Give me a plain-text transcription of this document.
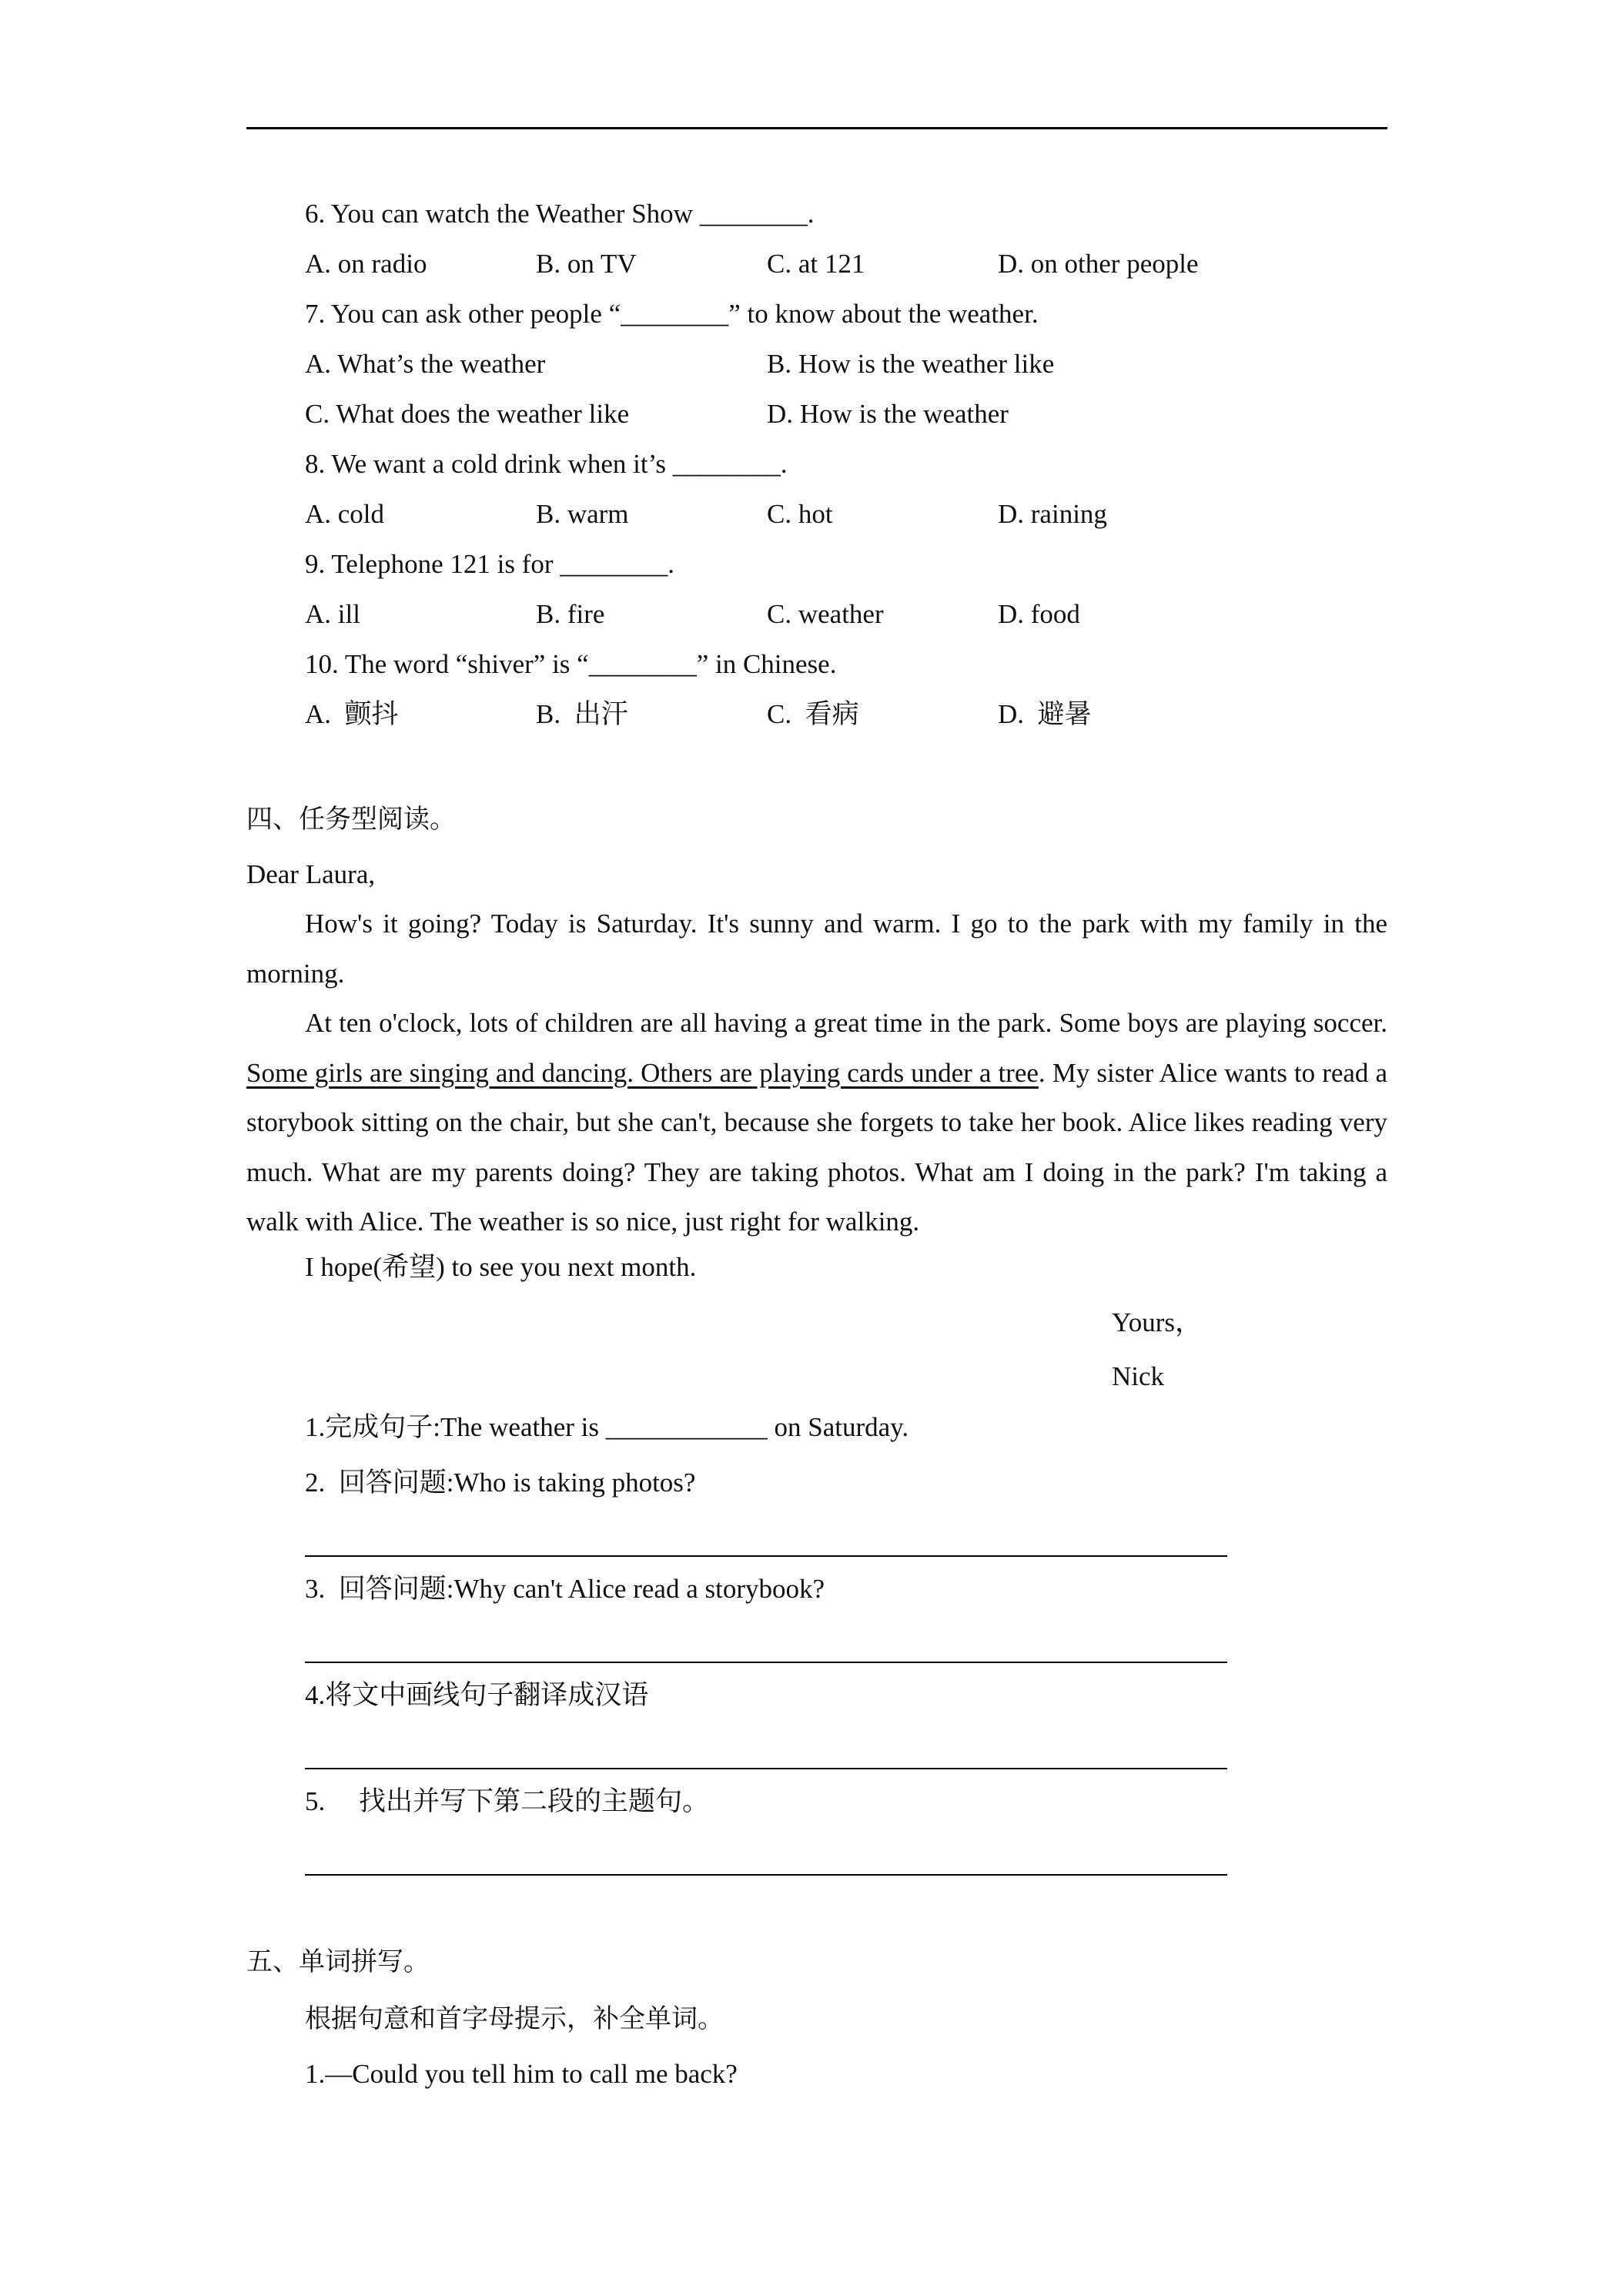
6. You can watch the Weather Show ________.
A. on radio	B. on TV	C. at 121	D. on other people
7. You can ask other people “________” to know about the weather.
A. What’s the weather	B. How is the weather like
C. What does the weather like	D. How is the weather
8. We want a cold drink when it’s ________.
A. cold	B. warm	C. hot	D. raining
9. Telephone 121 is for ________.
A. ill	B. fire	C. weather	D. food
10. The word “shiver” is “________” in Chinese.
A.  颤抖	B.  出汗	C.  看病	D.  避暑
四、任务型阅读。
Dear Laura,

How's it going? Today is Saturday. It's sunny and warm. I go to the park with my family in the morning.

At ten o'clock, lots of children are all having a great time in the park. Some boys are playing soccer. Some girls are singing and dancing. Others are playing cards under a tree. My sister Alice wants to read a storybook sitting on the chair, but she can't, because she forgets to take her book. Alice likes reading very much. What are my parents doing? They are taking photos. What am I doing in the park? I'm taking a walk with Alice. The weather is so nice, just right for walking.

I hope(希望) to see you next month.
Yours，
Nick
1.完成句子:The weather is ____________ on Saturday.
2.  回答问题:Who is taking photos?
3.  回答问题:Why can't Alice read a storybook?
4.将文中画线句子翻译成汉语
5.     找出并写下第二段的主题句。
五、单词拼写。
根据句意和首字母提示，补全单词。
1.—Could you tell him to call me back?
